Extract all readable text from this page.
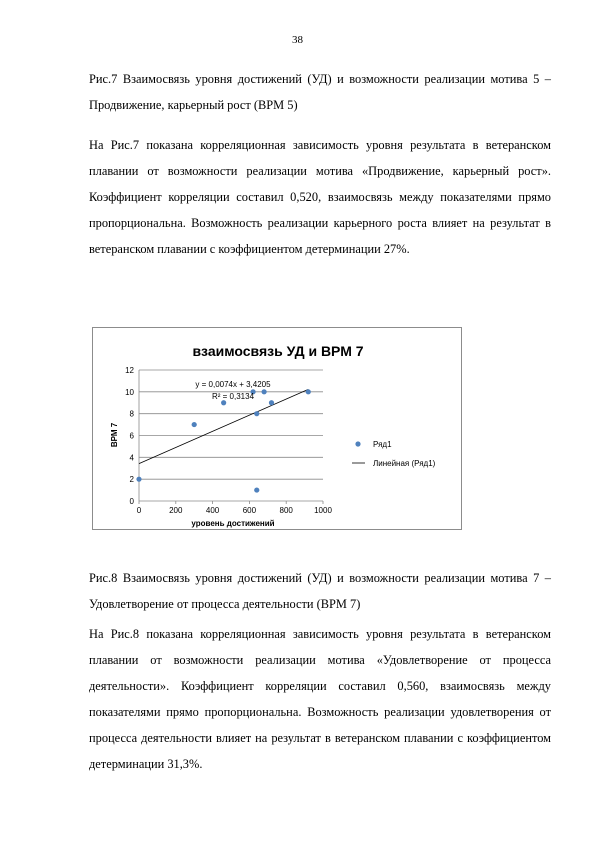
38

Рис.7 Взаимосвязь уровня достижений (УД) и возможности реализации мотива 5 – Продвижение, карьерный рост (ВРМ 5)

На Рис.7 показана корреляционная зависимость уровня результата в ветеранском плавании от возможности реализации мотива «Продвижение, карьерный рост». Коэффициент корреляции составил 0,520, взаимосвязь между показателями прямо пропорциональна. Возможность реализации карьерного роста влияет на результат в ветеранском плавании с коэффициентом детерминации 27%.

взаимосвязь УД и ВРМ 7
0
2
4
6
8
10
12
0	200	400	600	800	1000
ВРМ 7
уровень достижений
y = 0,0074x + 3,4205
R² = 0,3134
Ряд1
Линейная (Ряд1)

Рис.8 Взаимосвязь уровня достижений (УД) и возможности реализации мотива 7 – Удовлетворение от процесса деятельности (ВРМ 7)

На Рис.8 показана корреляционная зависимость уровня результата в ветеранском плавании от возможности реализации мотива «Удовлетворение от процесса деятельности». Коэффициент корреляции составил 0,560, взаимосвязь между показателями прямо пропорциональна. Возможность реализации удовлетворения от процесса деятельности влияет на результат в ветеранском плавании с коэффициентом детерминации 31,3%.
